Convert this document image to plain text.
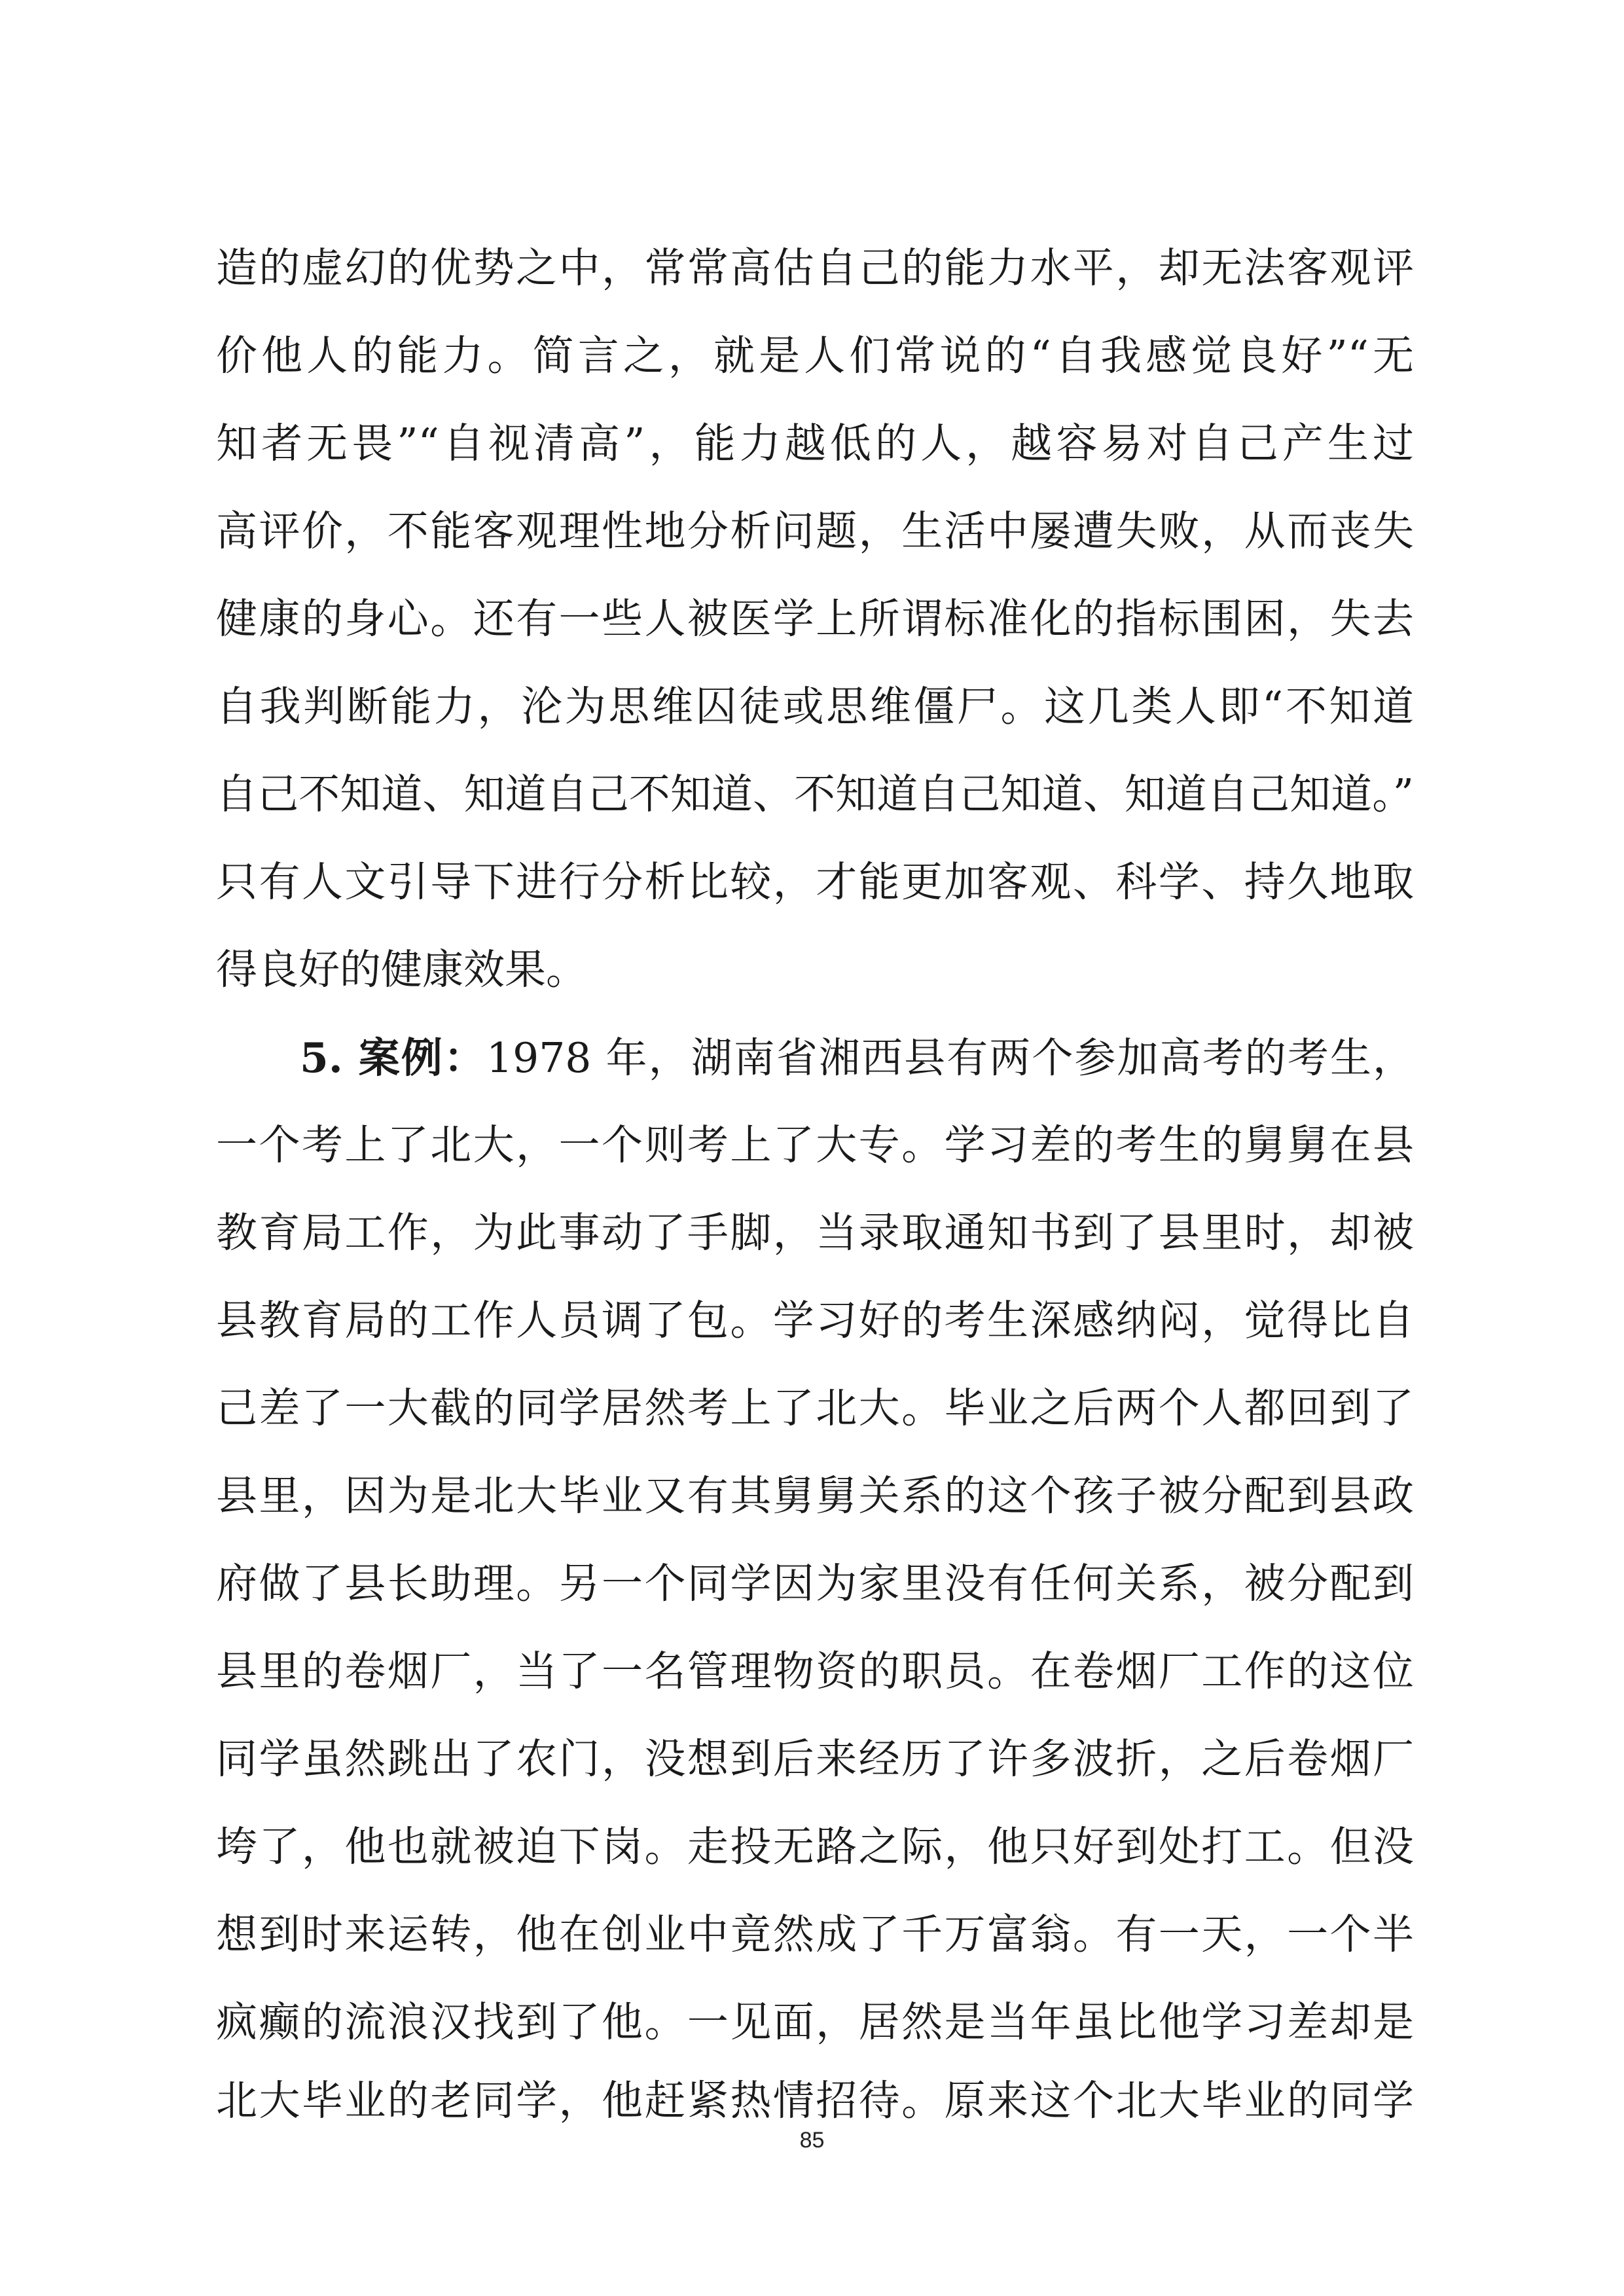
造的虚幻的优势之中，常常高估自己的能力水平，却无法客观评
价他人的能力。简言之，就是人们常说的“自我感觉良好”“无
知者无畏”“自视清高”，能力越低的人，越容易对自己产生过
高评价，不能客观理性地分析问题，生活中屡遭失败，从而丧失
健康的身心。还有一些人被医学上所谓标准化的指标围困，失去
自我判断能力，沦为思维囚徒或思维僵尸。这几类人即“不知道
自己不知道、知道自己不知道、不知道自己知道、知道自己知道。”
只有人文引导下进行分析比较，才能更加客观、科学、持久地取
得良好的健康效果。
5. 案例：1978 年，湖南省湘西县有两个参加高考的考生，
一个考上了北大，一个则考上了大专。学习差的考生的舅舅在县
教育局工作，为此事动了手脚，当录取通知书到了县里时，却被
县教育局的工作人员调了包。学习好的考生深感纳闷，觉得比自
己差了一大截的同学居然考上了北大。毕业之后两个人都回到了
县里，因为是北大毕业又有其舅舅关系的这个孩子被分配到县政
府做了县长助理。另一个同学因为家里没有任何关系，被分配到
县里的卷烟厂，当了一名管理物资的职员。在卷烟厂工作的这位
同学虽然跳出了农门，没想到后来经历了许多波折，之后卷烟厂
垮了，他也就被迫下岗。走投无路之际，他只好到处打工。但没
想到时来运转，他在创业中竟然成了千万富翁。有一天，一个半
疯癫的流浪汉找到了他。一见面，居然是当年虽比他学习差却是
北大毕业的老同学，他赶紧热情招待。原来这个北大毕业的同学
85
